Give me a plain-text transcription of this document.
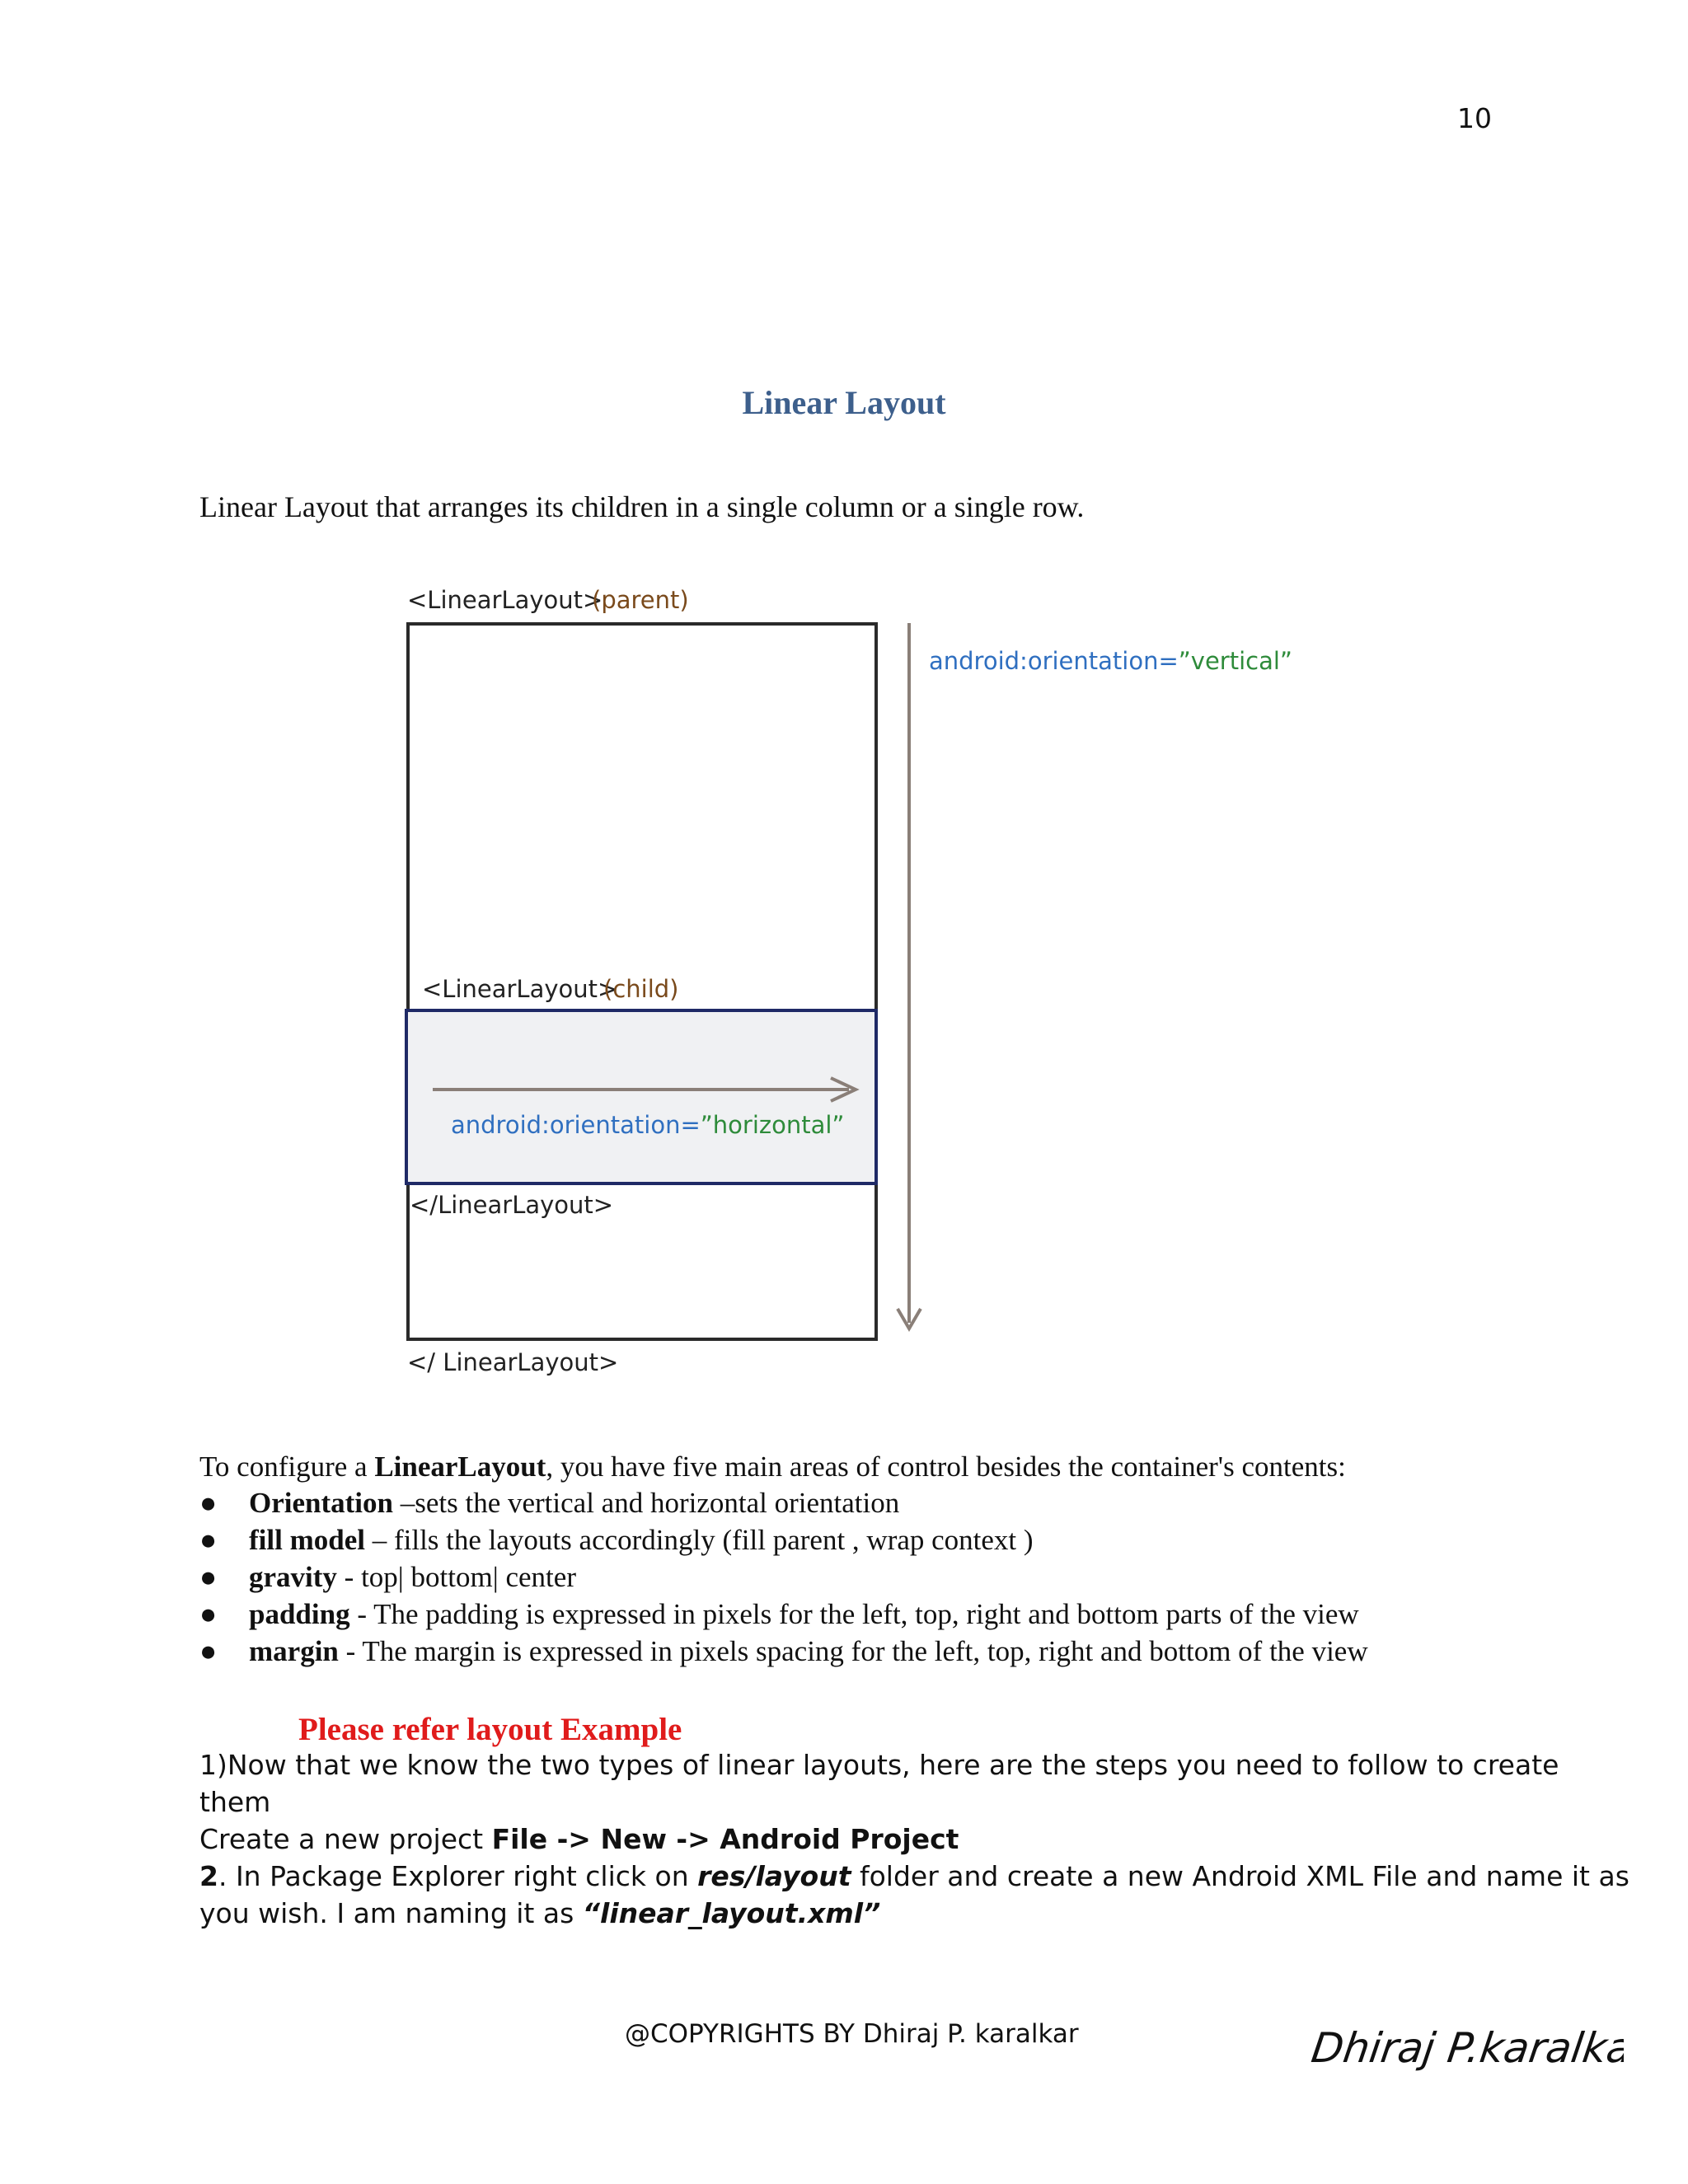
10
Linear Layout
Linear Layout that arranges its children in a single column or a single row.
<LinearLayout>
(parent)
<LinearLayout>
(child)
android:orientation=”horizontal”
</LinearLayout>
</ LinearLayout>
android:orientation=”vertical”
To configure a LinearLayout, you have five main areas of control besides the container's contents:
● Orientation –sets the vertical and horizontal orientation
● fill model – fills the layouts accordingly (fill parent , wrap context )
● gravity - top| bottom| center
● padding - The padding is expressed in pixels for the left, top, right and bottom parts of the view
● margin - The margin is expressed in pixels spacing for the left, top, right and bottom of the view
Please refer layout Example
1)Now that we know the two types of linear layouts, here are the steps you need to follow to create
them
Create a new project File -> New -> Android Project
2. In Package Explorer right click on res/layout folder and create a new Android XML File and name it as
you wish. I am naming it as “linear_layout.xml”
@COPYRIGHTS BY Dhiraj P. karalkar	Dhiraj P.karalkar
